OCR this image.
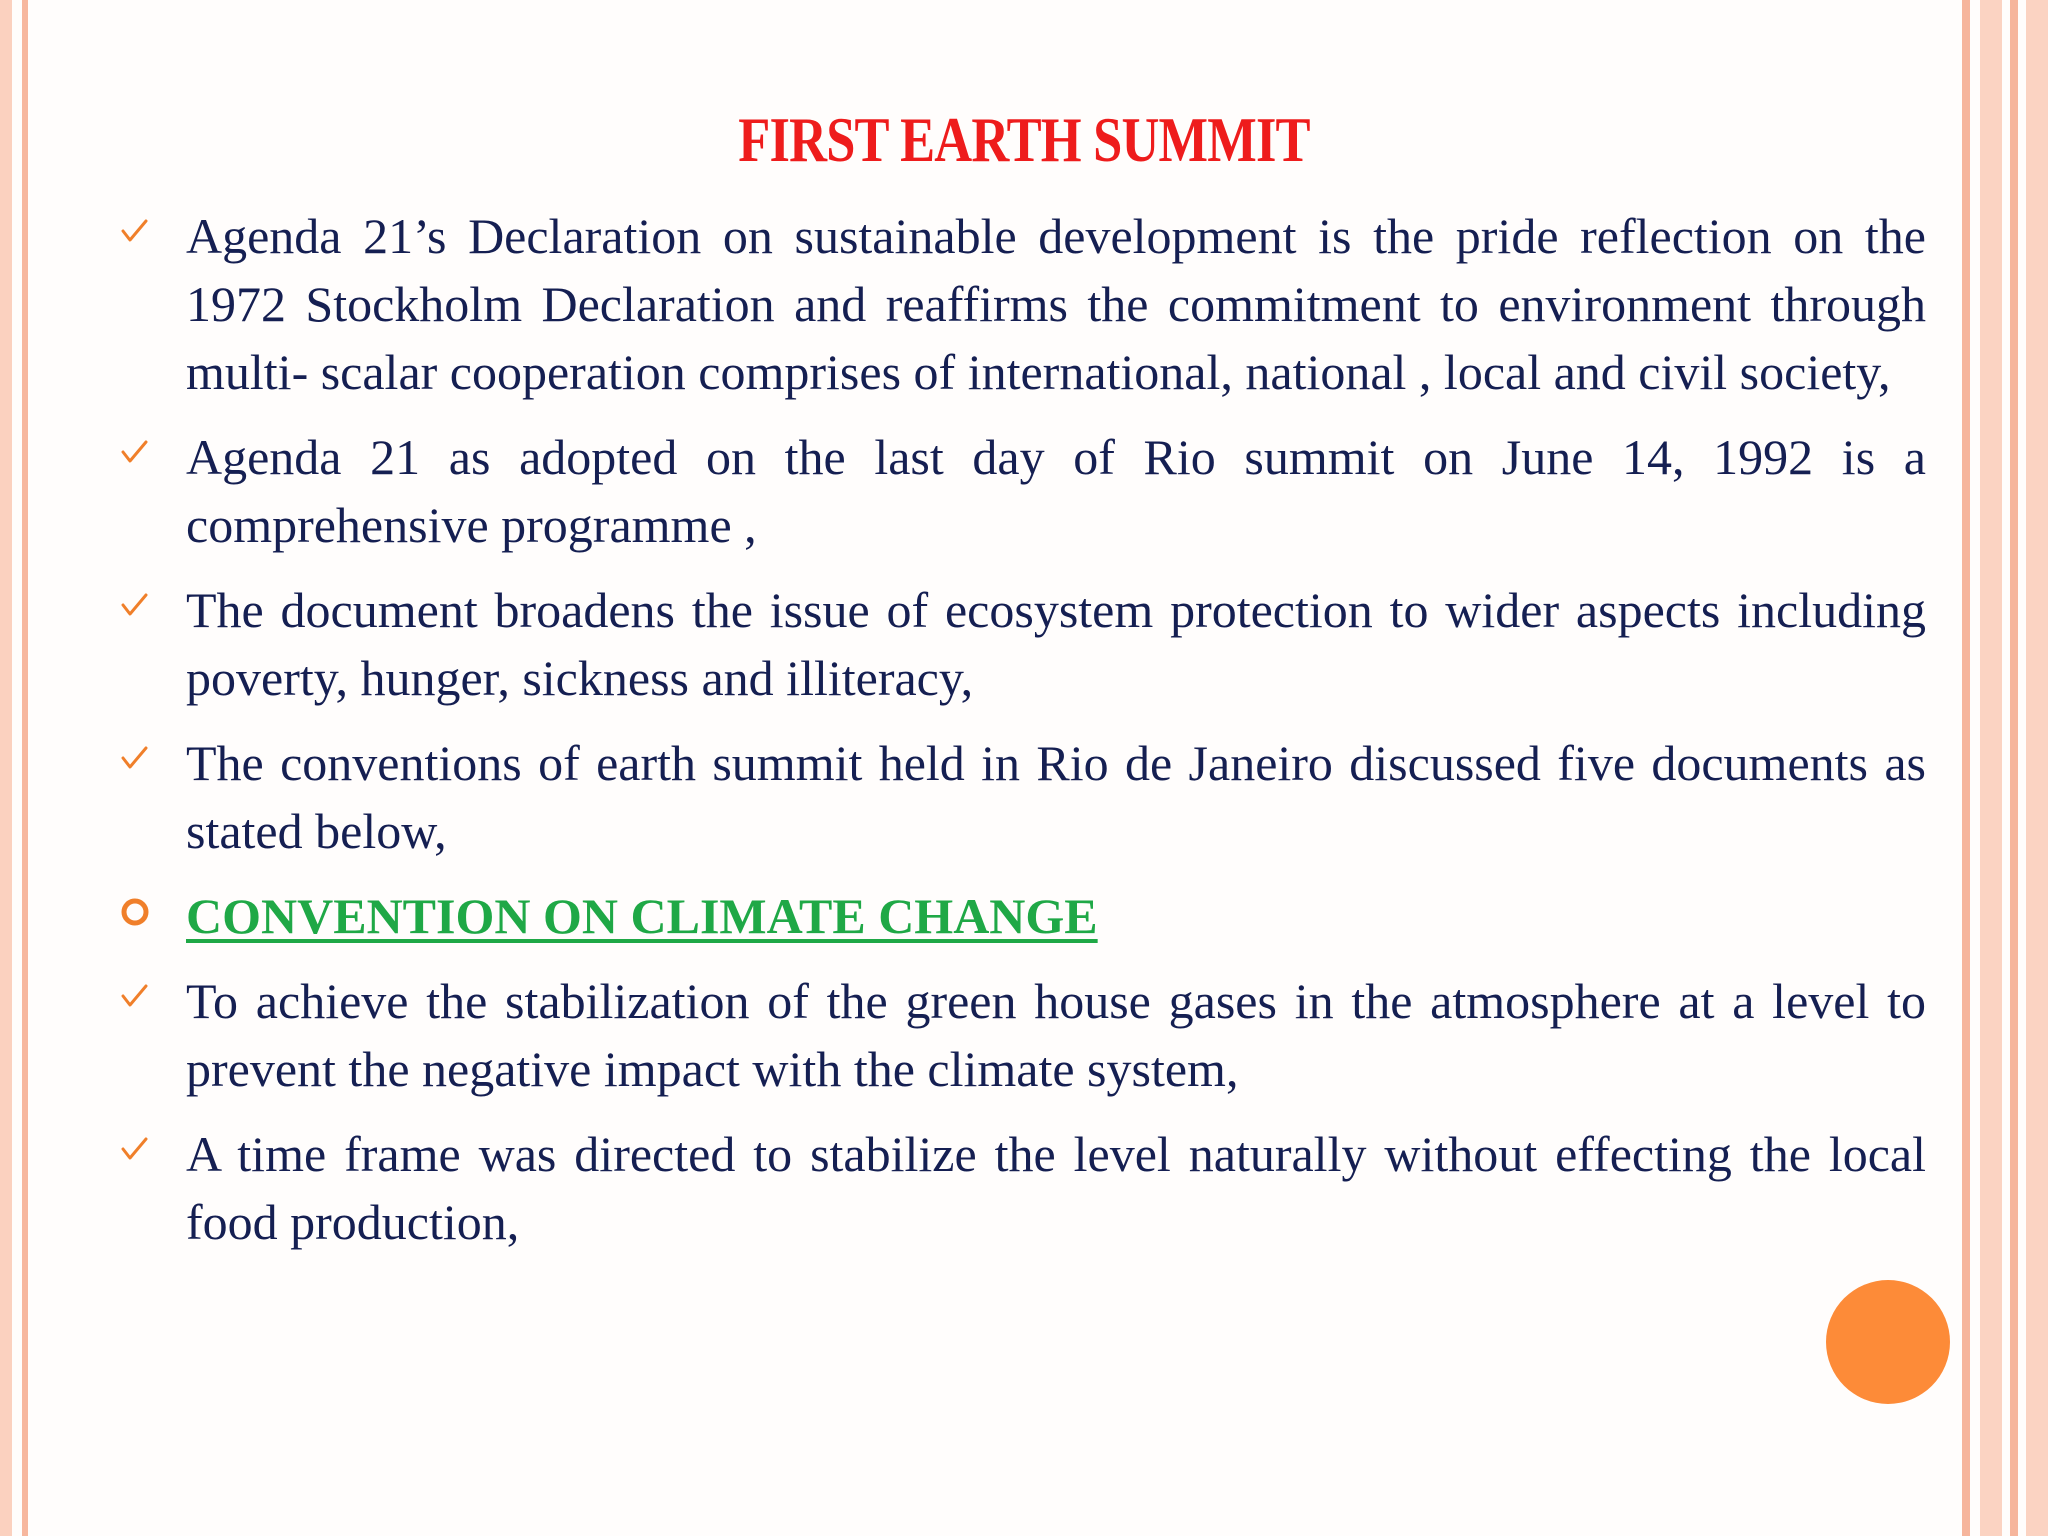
FIRST EARTH SUMMIT
Agenda 21’s Declaration on sustainable development is the pride reflection on the 1972 Stockholm Declaration and reaffirms the commitment to environment through multi- scalar cooperation comprises of international, national , local and civil society,
Agenda 21 as adopted on the last day of Rio summit on June 14, 1992 is a comprehensive programme ,
The document broadens the issue of ecosystem protection to wider aspects including poverty, hunger, sickness and illiteracy,
The conventions of earth summit held in Rio de Janeiro discussed five documents as stated below,
CONVENTION ON CLIMATE CHANGE
To achieve the stabilization of the green house gases in the atmosphere at a level to prevent the negative impact with the climate system,
A time frame was directed to stabilize the level naturally without effecting the local food production,
